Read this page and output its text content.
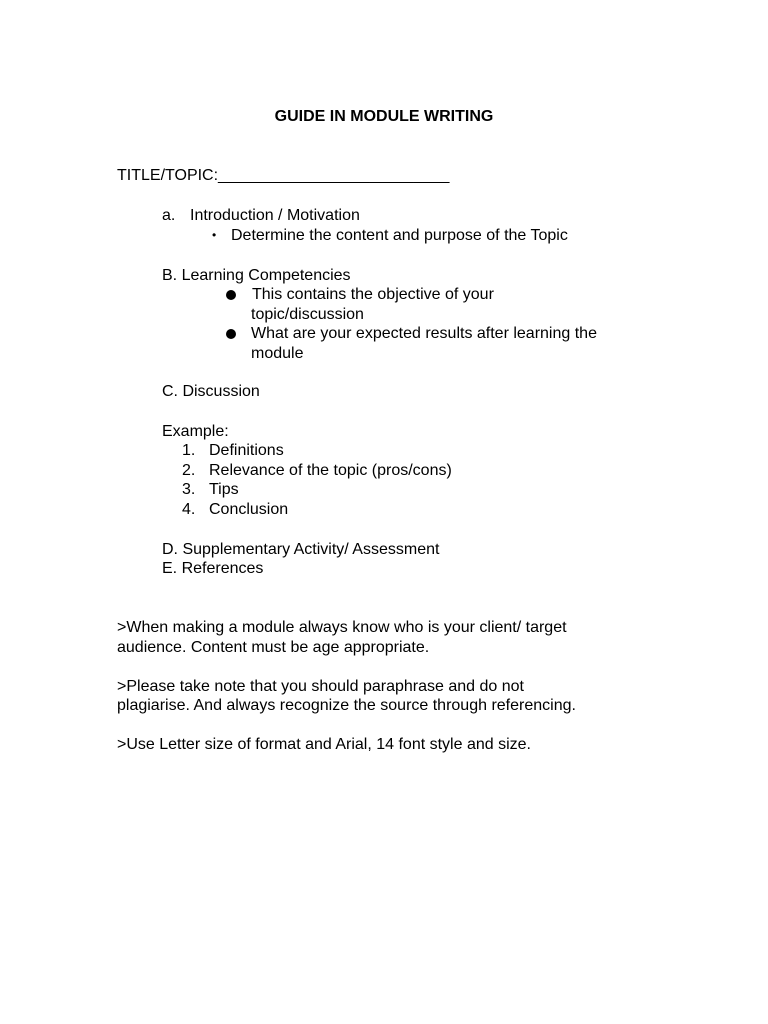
GUIDE IN MODULE WRITING
TITLE/TOPIC:__________________________
a. Introduction / Motivation
• Determine the content and purpose of the Topic
B. Learning Competencies
This contains the objective of your
topic/discussion
What are your expected results after learning the
module
C. Discussion
Example:
1. Definitions
2. Relevance of the topic (pros/cons)
3. Tips
4. Conclusion
D. Supplementary Activity/ Assessment
E. References
>When making a module always know who is your client/ target
audience. Content must be age appropriate.
>Please take note that you should paraphrase and do not
plagiarise. And always recognize the source through referencing.
>Use Letter size of format and Arial, 14 font style and size.
